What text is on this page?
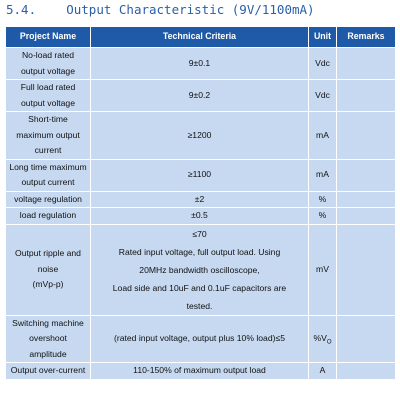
5.4. Output Characteristic (9V/1100mA)
Project Name	Technical Criteria	Unit	Remarks

No-load rated
output voltage	9±0.1	Vdc	

Full load rated
output voltage	9±0.2	Vdc	

Short-time
maximum output
current	≥1200	mA	

Long time maximum
output current	≥1100	mA	

voltage regulation	±2	%	

load regulation	±0.5	%	

Output ripple and
noise
(mVp-p)	≤70
Rated input voltage, full output load. Using
20MHz bandwidth oscilloscope,
Load side and 10uF and 0.1uF capacitors are
tested.	mV	

Switching machine
overshoot
amplitude	(rated input voltage, output plus 10% load)≤5	$\%V_O$	

Output over-current	110-150% of maximum output load	A	
